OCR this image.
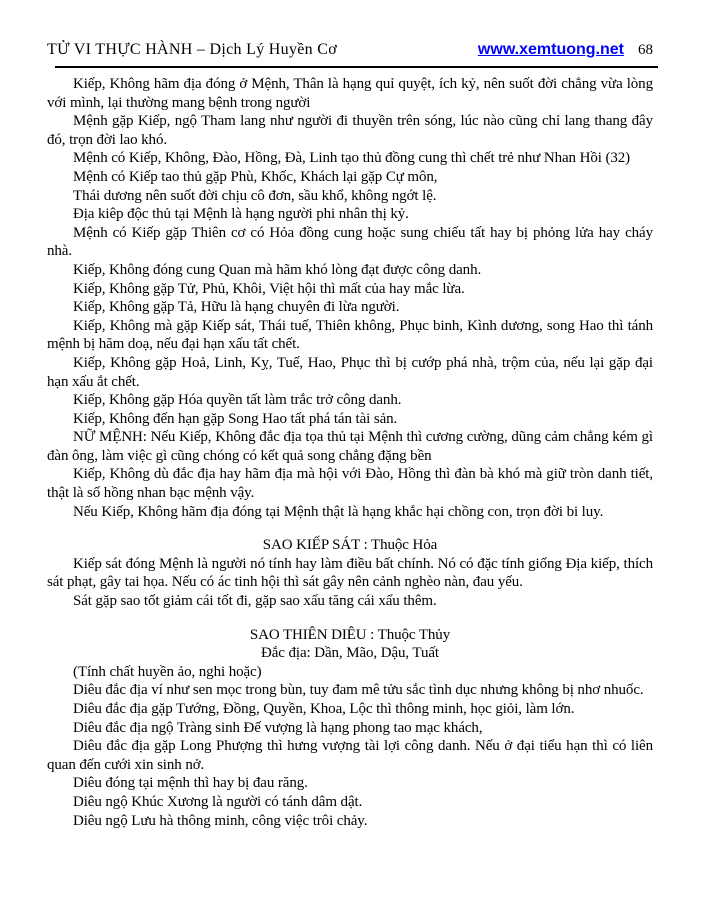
TỬ VI THỰC HÀNH – Dịch Lý Huyền Cơ	www.xemtuong.net 68

Kiếp, Không hãm địa đóng ở Mệnh, Thân là hạng quỉ quyệt, ích kỷ, nên suốt đời chẳng vừa lòng với mình, lại thường mang bệnh trong người

Mệnh gặp Kiếp, ngộ Tham lang như người đi thuyền trên sóng, lúc nào cũng chỉ lang thang đây đó, trọn đời lao khó.

Mệnh có Kiếp, Không, Đào, Hồng, Đà, Linh tạo thủ đồng cung thì chết trẻ như Nhan Hồi (32)

Mệnh có Kiếp tao thủ gặp Phù, Khốc, Khách lại gặp Cự môn,

Thái dương nên suốt đời chịu cô đơn, sầu khổ, không ngớt lệ.

Địa kiêp độc thủ tại Mệnh là hạng người phi nhân thị kỷ.

Mệnh có Kiếp gặp Thiên cơ có Hỏa đồng cung hoặc sung chiếu tất hay bị phỏng lửa hay cháy nhà.

Kiếp, Không đóng cung Quan mà hãm khó lòng đạt được công danh.

Kiếp, Không gặp Tử, Phủ, Khôi, Việt hội thì mất của hay mắc lừa.

Kiếp, Không gặp Tả, Hữu là hạng chuyên đi lừa người.

Kiếp, Không mà gặp Kiếp sát, Thái tuế, Thiên không, Phục binh, Kình dương, song Hao thì tánh mệnh bị hăm doạ, nếu đại hạn xấu tất chết.

Kiếp, Không gặp Hoả, Linh, Kỵ, Tuế, Hao, Phục thì bị cướp phá nhà, trộm của, nếu lại gặp đại hạn xấu ắt chết.

Kiếp, Không gặp Hóa quyền tất làm trắc trở công danh.

Kiếp, Không đến hạn gặp Song Hao tất phá tán tài sản.

NỮ MỆNH: Nếu Kiếp, Không đắc địa tọa thủ tại Mệnh thì cương cường, dũng cảm chẳng kém gì đàn ông, làm việc gì cũng chóng có kết quả song chẳng đặng bền

Kiếp, Không dù đắc địa hay hãm địa mà hội với Đào, Hồng thì đàn bà khó mà giữ tròn danh tiết, thật là số hồng nhan bạc mệnh vậy.

Nếu Kiếp, Không hãm địa đóng tại Mệnh thật là hạng khắc hại chồng con, trọn đời bi luy.

SAO KIẾP SÁT : Thuộc Hỏa

Kiếp sát đóng Mệnh là người nó tính hay làm điều bất chính. Nó có đặc tính giống Địa kiếp, thích sát phạt, gây tai họa. Nếu có ác tinh hội thì sát gây nên cảnh nghèo nàn, đau yếu.

Sát gặp sao tốt giảm cái tốt đi, gặp sao xấu tăng cái xấu thêm.

SAO THIÊN DIÊU : Thuộc Thủy

Đắc địa: Dần, Mão, Dậu, Tuất

(Tính chất huyền ảo, nghi hoặc)

Diêu đắc địa ví như sen mọc trong bùn, tuy đam mê tửu sắc tình dục nhưng không bị nhơ nhuốc.

Diêu đắc địa gặp Tướng, Đồng, Quyền, Khoa, Lộc thì thông minh, học giỏi, làm lớn.

Diêu đắc địa ngộ Tràng sinh Đế vượng là hạng phong tao mạc khách,

Diêu đắc địa gặp Long Phượng thì hưng vượng tài lợi công danh. Nếu ở đại tiểu hạn thì có liên quan đến cưới xin sinh nở.

Diêu đóng tại mệnh thì hay bị đau răng.

Diêu ngộ Khúc Xương là người có tánh dâm dật.

Diêu ngộ Lưu hà thông minh, công việc trôi chảy.
